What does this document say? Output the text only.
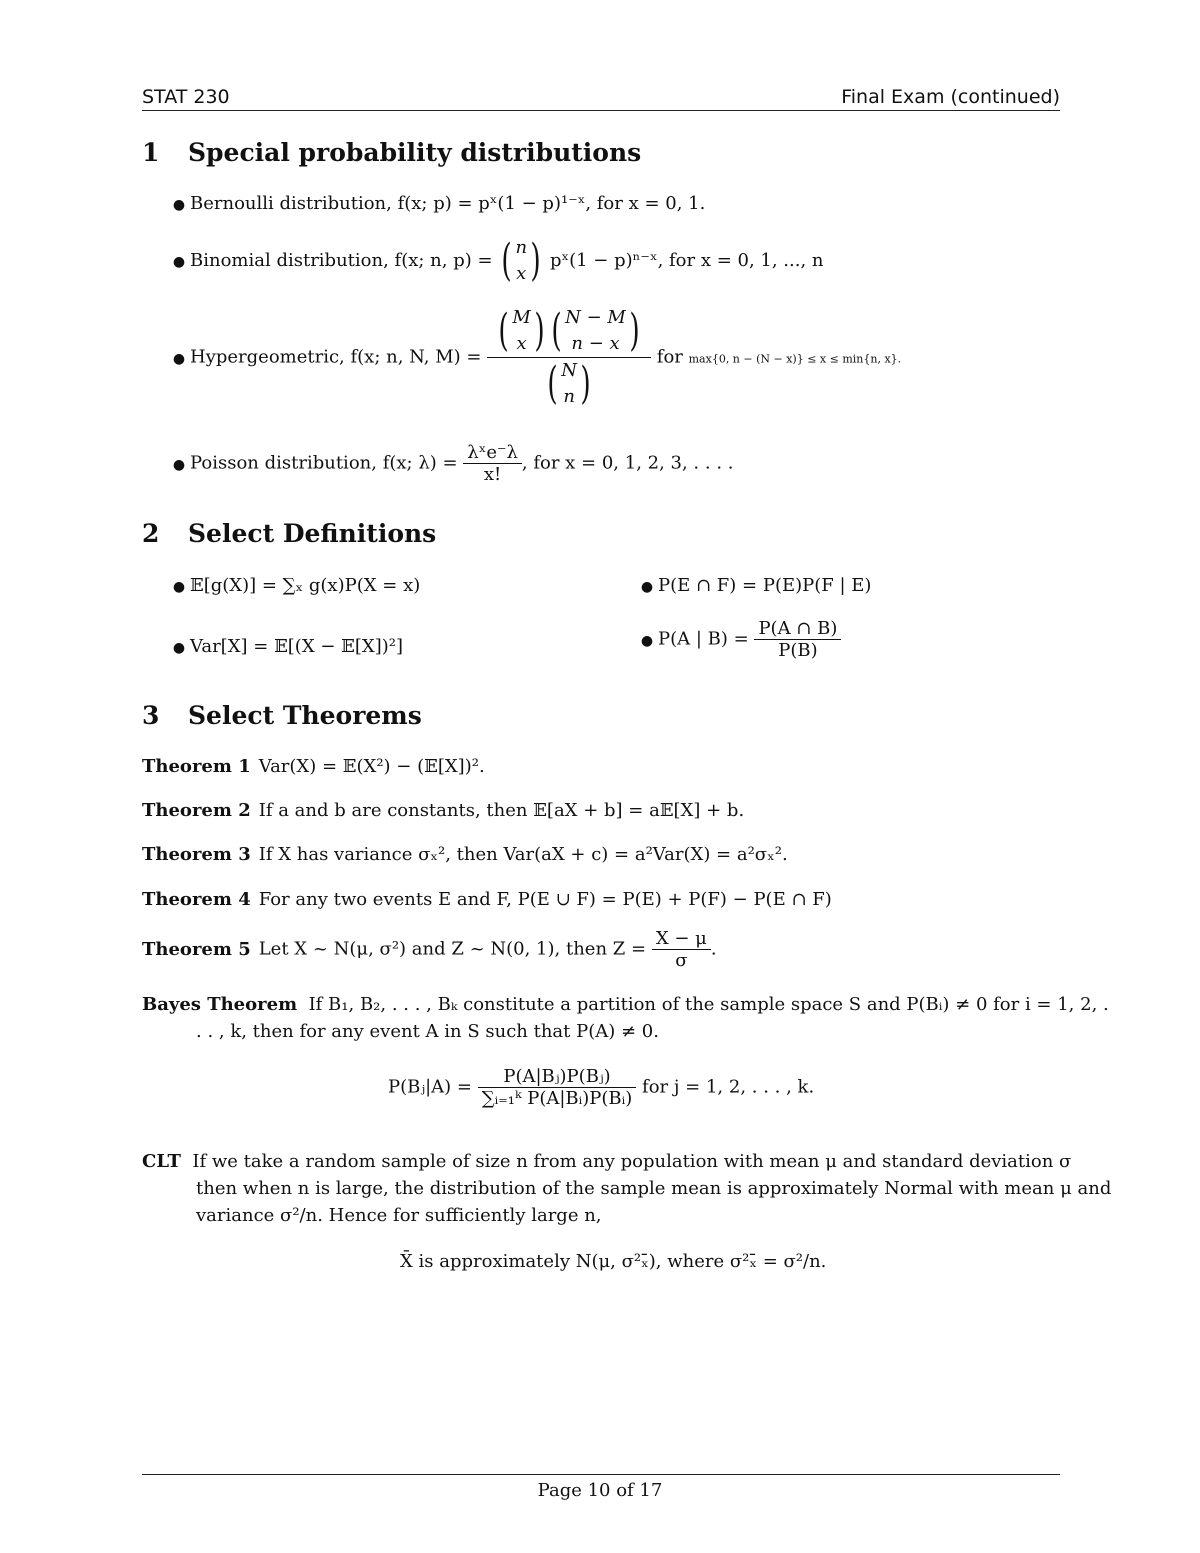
STAT 230	Final Exam (continued)
1 Special probability distributions
● Bernoulli distribution, f(x; p) = pˣ(1 − p)¹⁻ˣ, for x = 0, 1.
● Binomial distribution, f(x; n, p) = ( n
x) pˣ(1 − p)ⁿ⁻ˣ, for x = 0, 1, ..., n
● Hypergeometric, f(x; n, N, M) =
( M
x ) ( N − M
n − x )
( N
n )
for max{0, n − (N − x)} ≤ x ≤ min{n, x}.
● Poisson distribution, f(x; $\lambda) = \frac{\text{λˣe⁻λ}}{x!}$ , for x = 0, 1, 2, 3, . . . .
2 Select Definitions
● 𝔼[g(X)] = ∑ₓ g(x)P(X = x)	● P(E ∩ F) = P(E)P(F | E)
● Var[X] = 𝔼[(X − 𝔼[X])²]	● P(A | $B) = \frac{P(A \cap B)}{P(B)}$
3 Select Theorems
Theorem 1 Var(X) = 𝔼(X²) − (𝔼[X])².
Theorem 2 If a and b are constants, then 𝔼[aX + b] = a𝔼[X] + b.
Theorem 3 If X has variance σₓ², then Var(aX + c) = a²Var(X) = a²σₓ².
Theorem 4 For any two events E and F, P(E ∪ F) = P(E) + P(F) − P(E ∩ F)
Theorem 5 Let X ~ N(μ, σ²) and Z ~ N(0, 1), then $Z = \frac{X - \mu}{\sigma}$ .
Bayes Theorem If B₁, B₂, . . . , Bₖ constitute a partition of the sample space S and P(Bᵢ) ≠ 0 for i = 1, 2, . . . , k, then for any event A in S such that P(A) ≠ 0.
P(Bⱼ|A) = $\frac{\text{P(A|Bⱼ)P(Bⱼ)}}{\text{∑ᵢ₌₁ᵏ P(A|Bᵢ)P(Bᵢ)}}$ for j = 1, 2, . . . , k.
CLT If we take a random sample of size n from any population with mean μ and standard deviation σ then when n is large, the distribution of the sample mean is approximately Normal with mean μ and variance σ²/n. Hence for sufficiently large n,
X̄ is approximately N(μ, σ²ₓ̄), where σ²ₓ̄ = σ²/n.
Page 10 of 17
